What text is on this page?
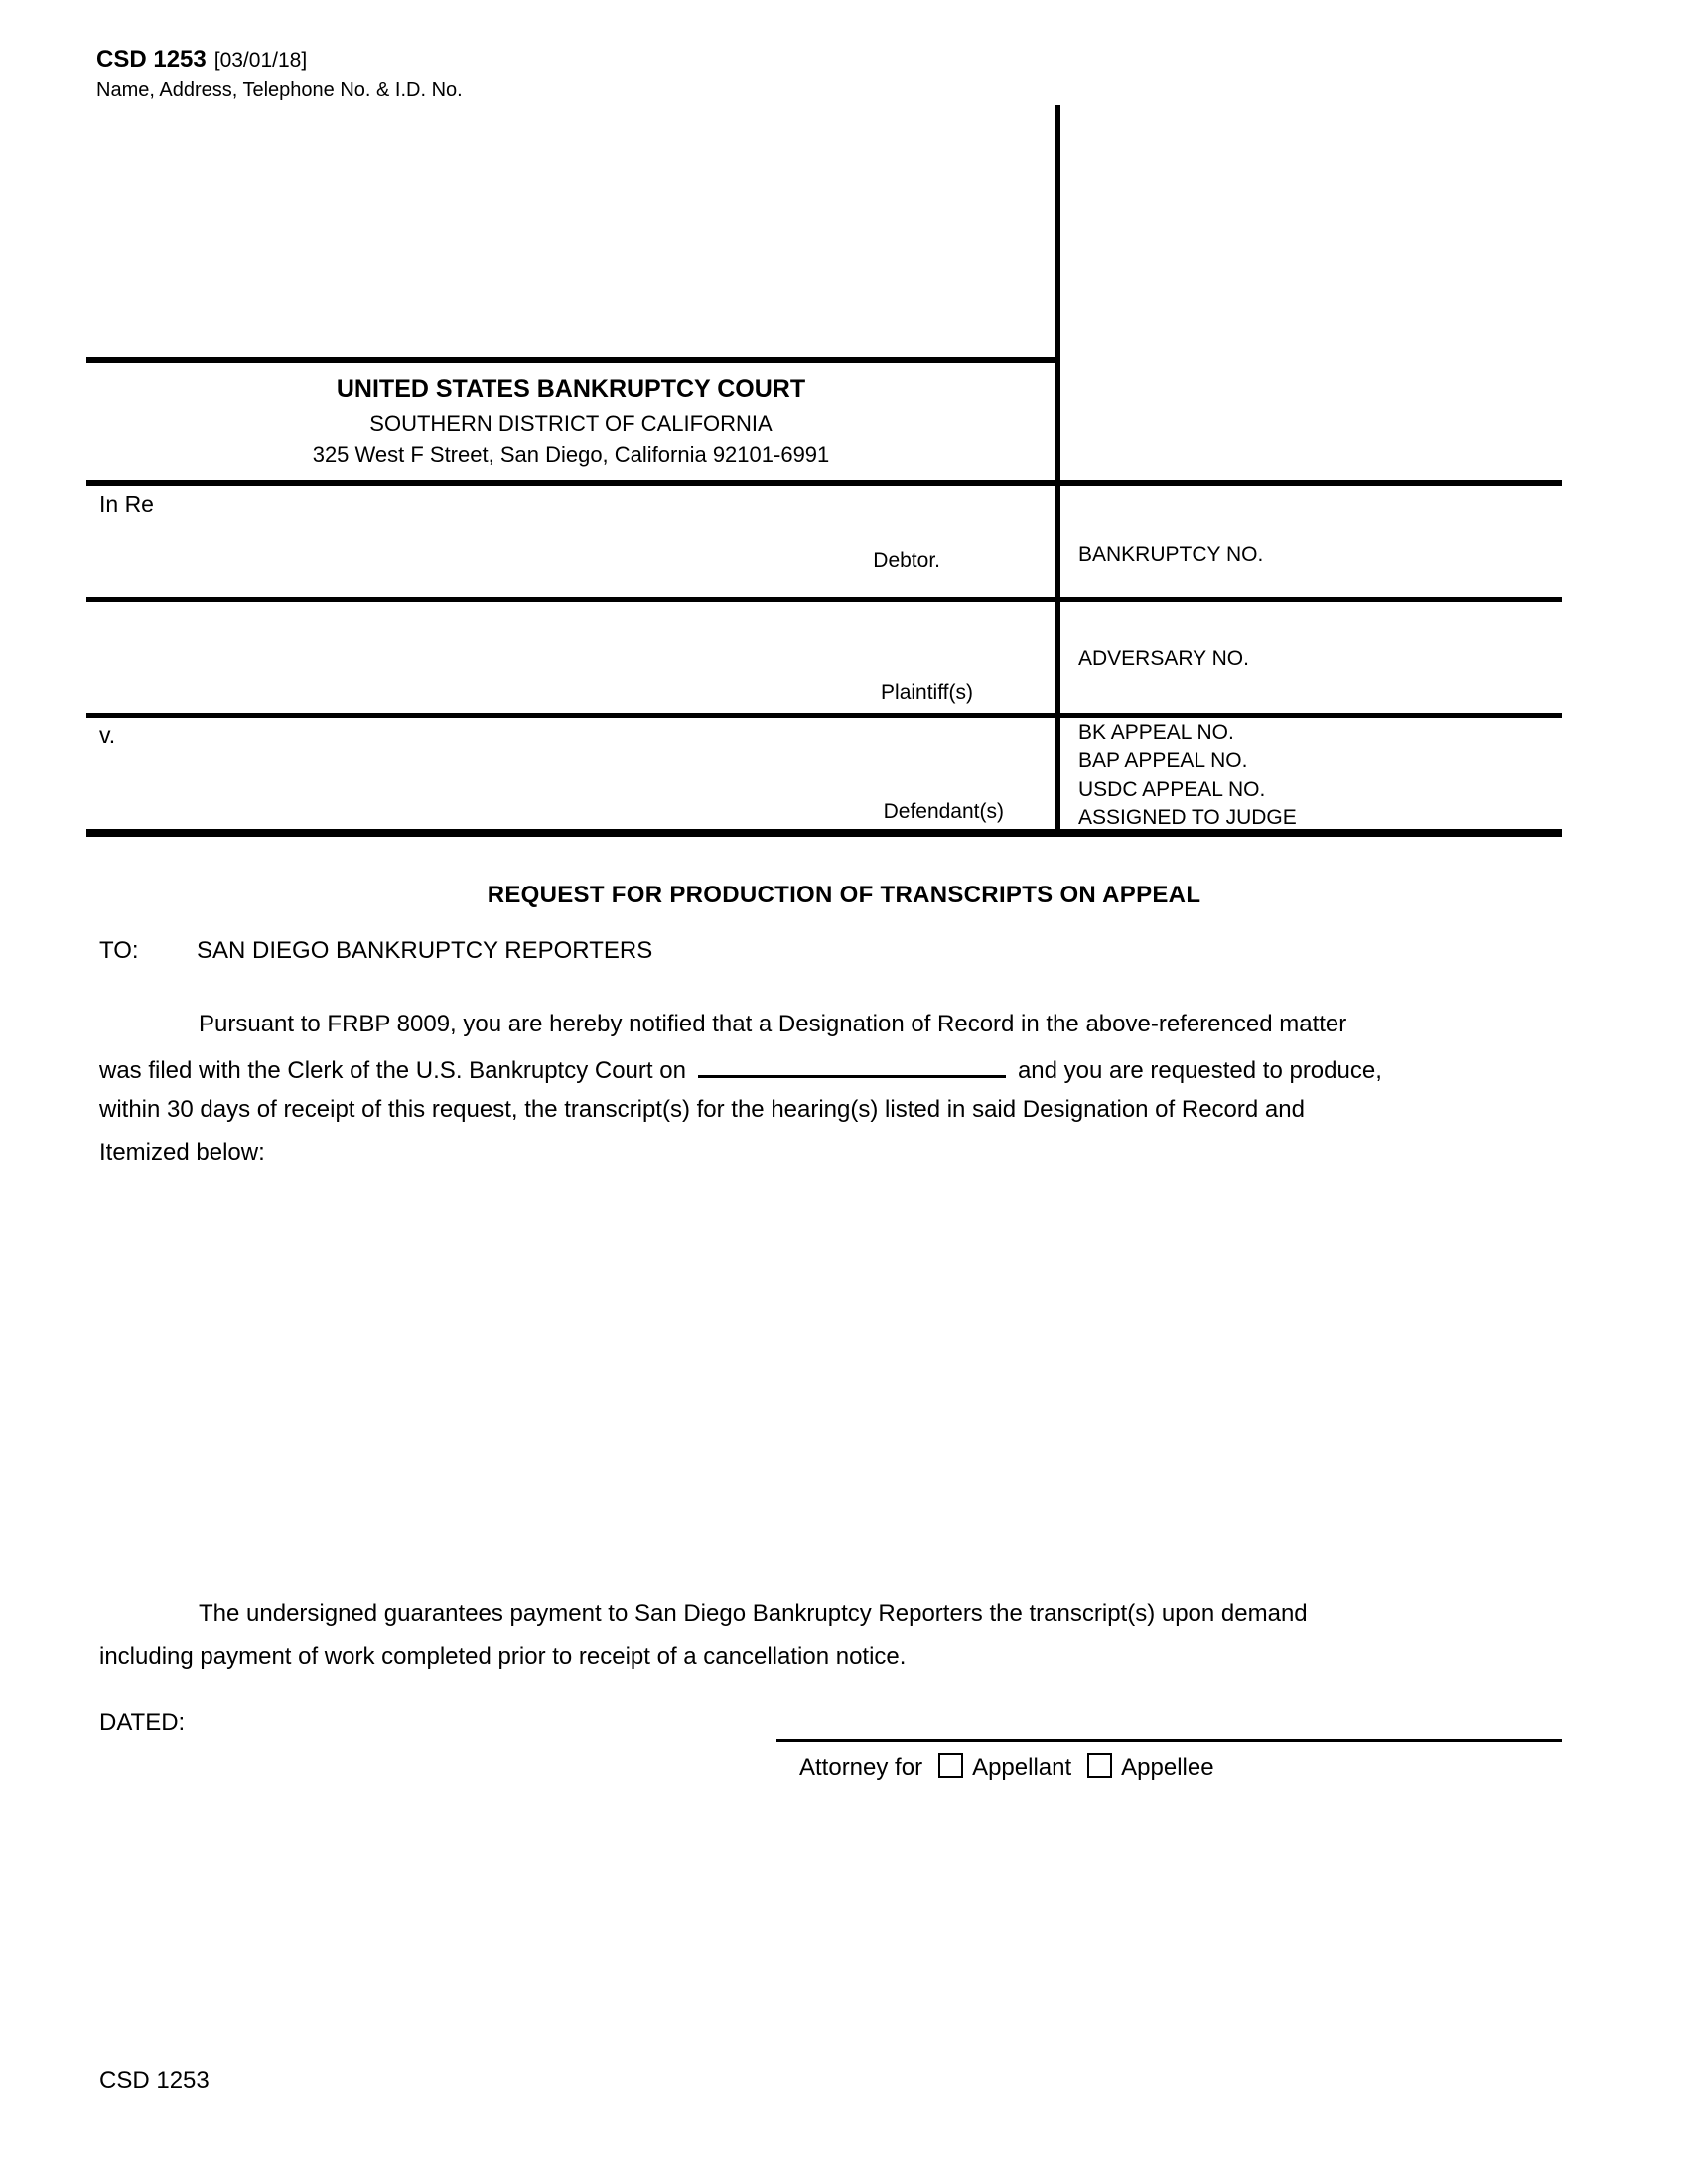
CSD 1253 [03/01/18]
Name, Address, Telephone No. & I.D. No.
UNITED STATES BANKRUPTCY COURT
SOUTHERN DISTRICT OF CALIFORNIA
325 West F Street, San Diego, California 92101-6991
In Re
Debtor.	BANKRUPTCY NO.
Plaintiff(s)
ADVERSARY NO.
v.
Defendant(s)
BK APPEAL NO.
BAP APPEAL NO.
USDC APPEAL NO.
ASSIGNED TO JUDGE
REQUEST FOR PRODUCTION OF TRANSCRIPTS ON APPEAL
TO: SAN DIEGO BANKRUPTCY REPORTERS
Pursuant to FRBP 8009, you are hereby notified that a Designation of Record in the above-referenced matter
was filed with the Clerk of the U.S. Bankruptcy Court on	and you are requested to produce,
within 30 days of receipt of this request, the transcript(s) for the hearing(s) listed in said Designation of Record and
Itemized below:
The undersigned guarantees payment to San Diego Bankruptcy Reporters the transcript(s) upon demand
including payment of work completed prior to receipt of a cancellation notice.
DATED:
Attorney for Appellant Appellee
CSD 1253
